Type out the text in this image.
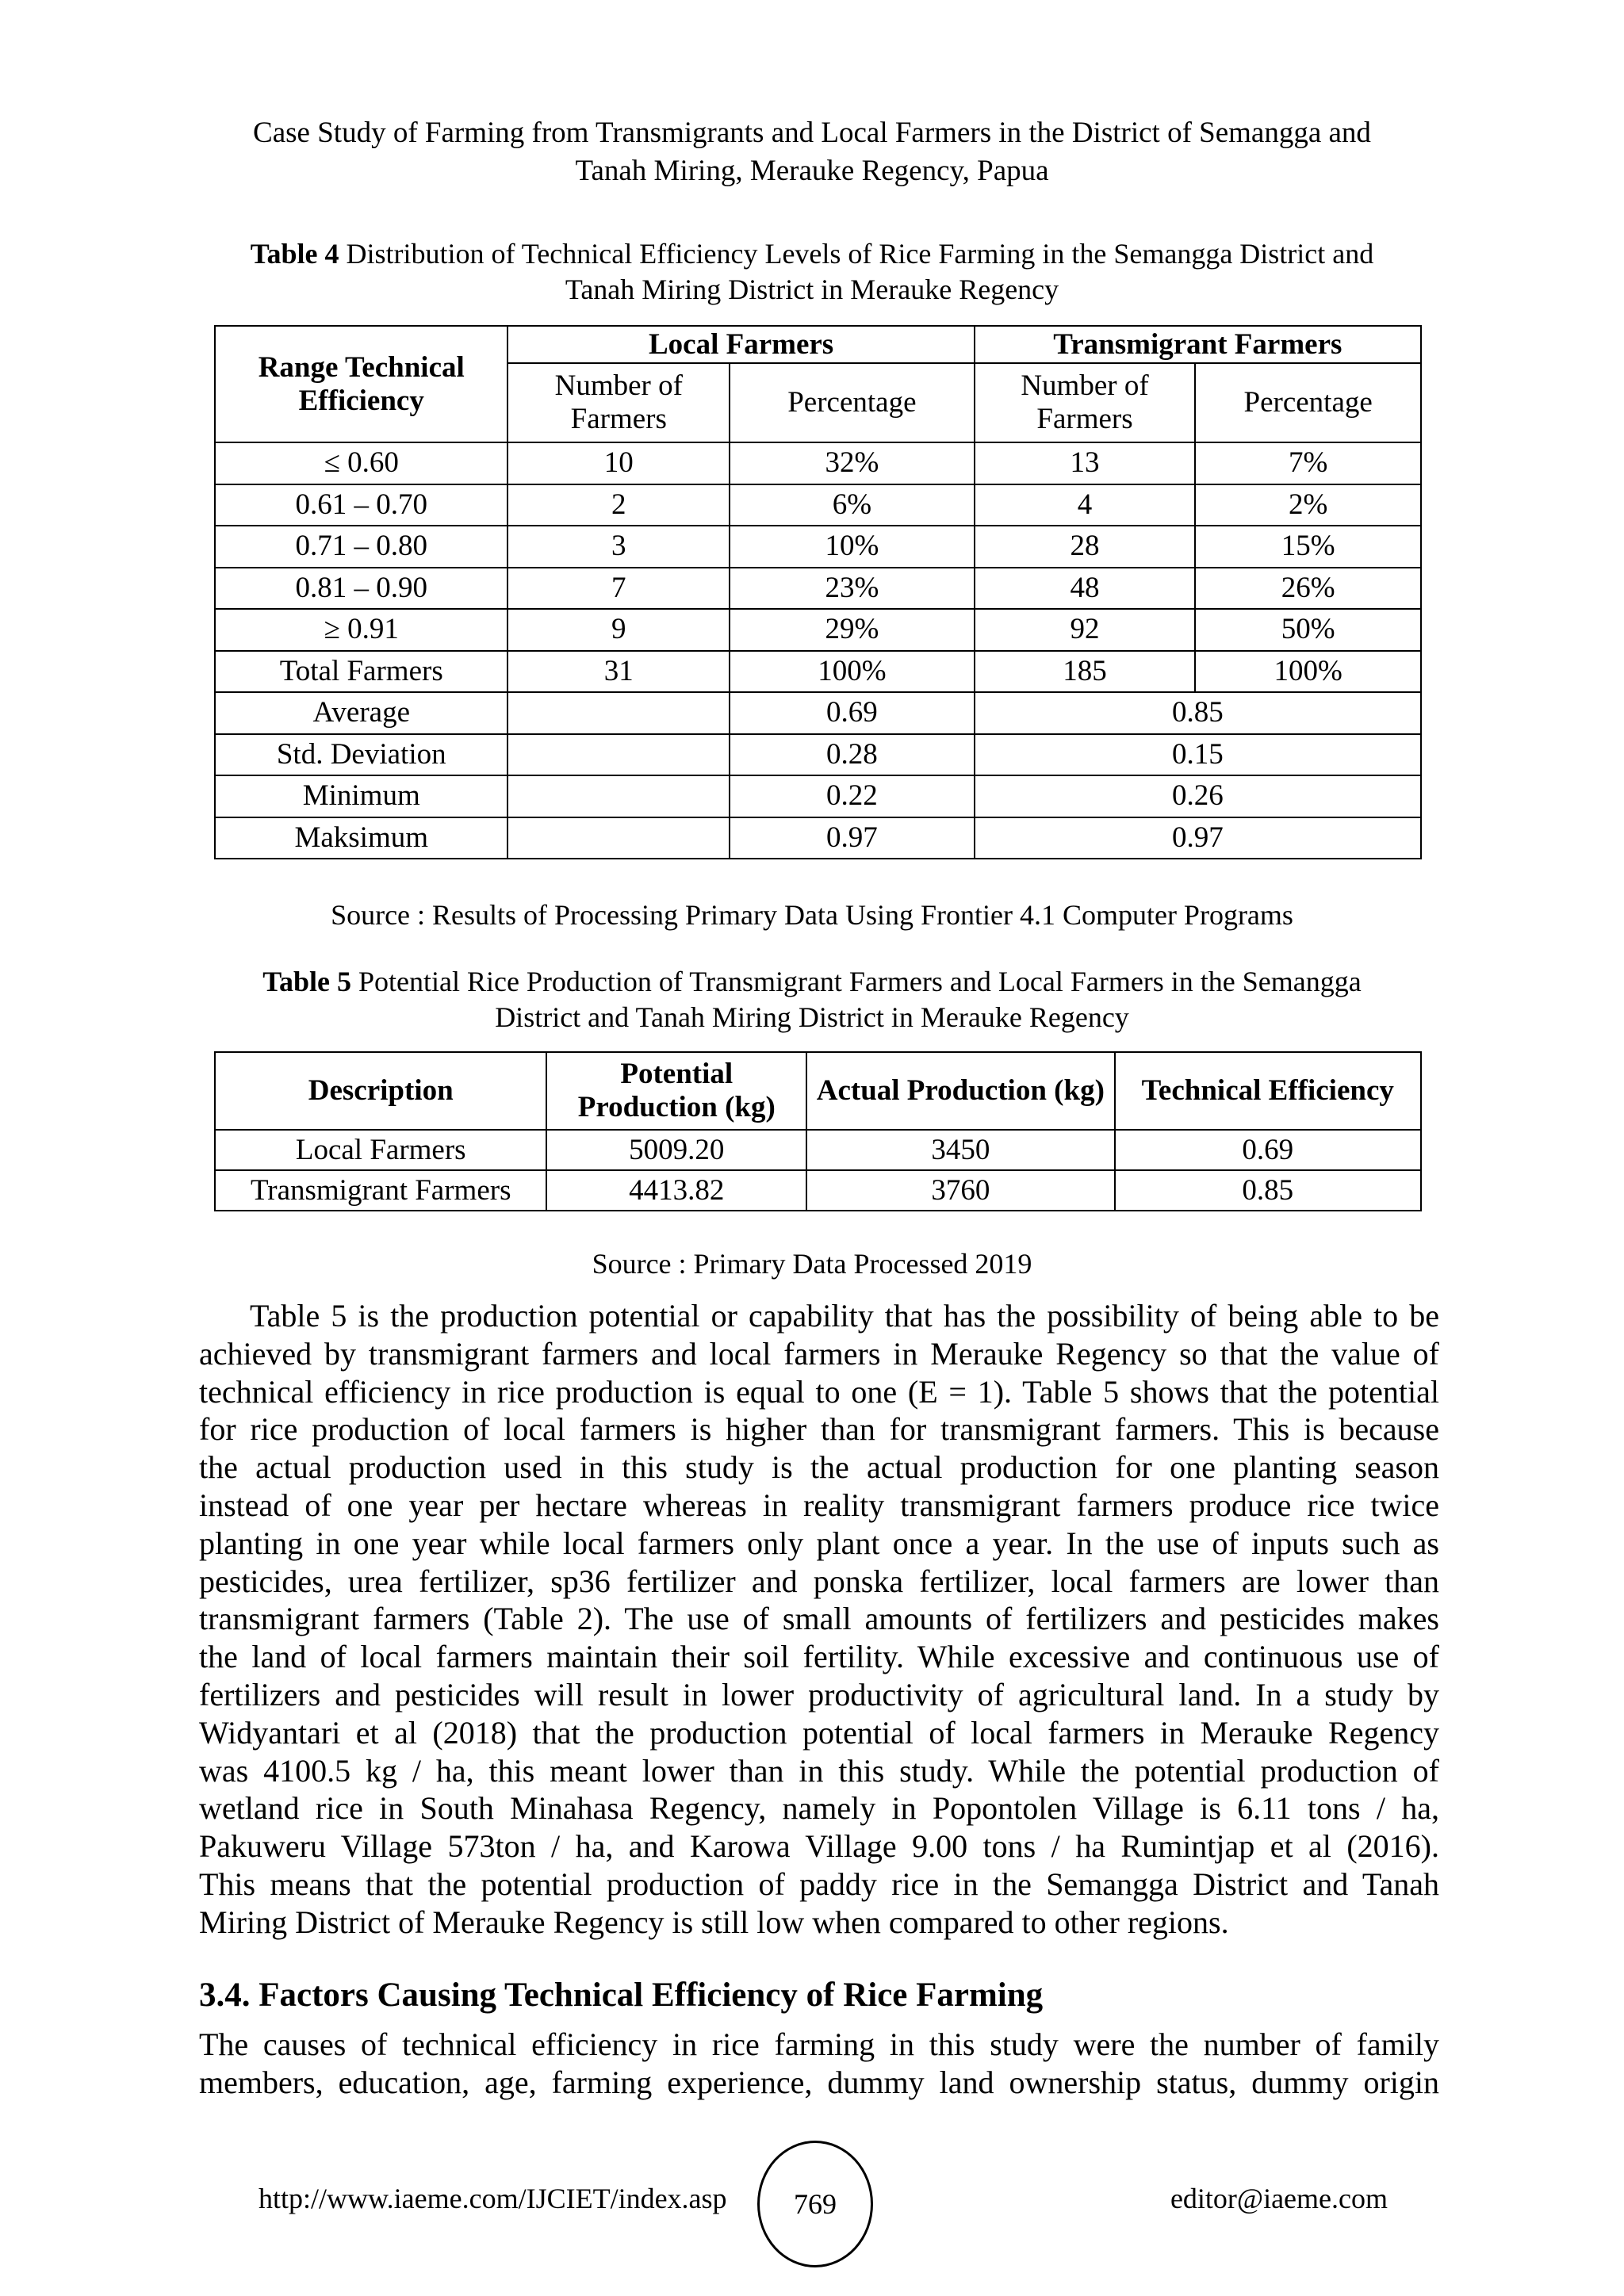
Case Study of Farming from Transmigrants and Local Farmers in the District of Semangga and
Tanah Miring, Merauke Regency, Papua
Table 4 Distribution of Technical Efficiency Levels of Rice Farming in the Semangga District and
Tanah Miring District in Merauke Regency
Range Technical Efficiency	Local Farmers		Transmigrant Farmers	
	Number of Farmers	Percentage	Number of Farmers	Percentage
≤ 0.60	10	32%	13	7%
0.61 – 0.70	2	6%	4	2%
0.71 – 0.80	3	10%	28	15%
0.81 – 0.90	7	23%	48	26%
≥ 0.91	9	29%	92	50%
Total Farmers	31	100%	185	100%
Average		0.69	0.85	
Std. Deviation		0.28	0.15	
Minimum		0.22	0.26	
Maksimum		0.97	0.97	
Source : Results of Processing Primary Data Using Frontier 4.1 Computer Programs
Table 5 Potential Rice Production of Transmigrant Farmers and Local Farmers in the Semangga
District and Tanah Miring District in Merauke Regency
Description	Potential Production (kg)	Actual Production (kg)	Technical Efficiency
Local Farmers	5009.20	3450	0.69
Transmigrant Farmers	4413.82	3760	0.85
Source : Primary Data Processed 2019
Table 5 is the production potential or capability that has the possibility of being able to be
achieved by transmigrant farmers and local farmers in Merauke Regency so that the value of
technical efficiency in rice production is equal to one (E = 1). Table 5 shows that the potential
for rice production of local farmers is higher than for transmigrant farmers. This is because
the actual production used in this study is the actual production for one planting season
instead of one year per hectare whereas in reality transmigrant farmers produce rice twice
planting in one year while local farmers only plant once a year. In the use of inputs such as
pesticides, urea fertilizer, sp36 fertilizer and ponska fertilizer, local farmers are lower than
transmigrant farmers (Table 2). The use of small amounts of fertilizers and pesticides makes
the land of local farmers maintain their soil fertility. While excessive and continuous use of
fertilizers and pesticides will result in lower productivity of agricultural land. In a study by
Widyantari et al (2018) that the production potential of local farmers in Merauke Regency
was 4100.5 kg / ha, this meant lower than in this study. While the potential production of
wetland rice in South Minahasa Regency, namely in Popontolen Village is 6.11 tons / ha,
Pakuweru Village 573ton / ha, and Karowa Village 9.00 tons / ha Rumintjap et al (2016).
This means that the potential production of paddy rice in the Semangga District and Tanah
Miring District of Merauke Regency is still low when compared to other regions.
3.4. Factors Causing Technical Efficiency of Rice Farming
The causes of technical efficiency in rice farming in this study were the number of family
members, education, age, farming experience, dummy land ownership status, dummy origin
http://www.iaeme.com/IJCIET/index.asp 769	editor@iaeme.com
